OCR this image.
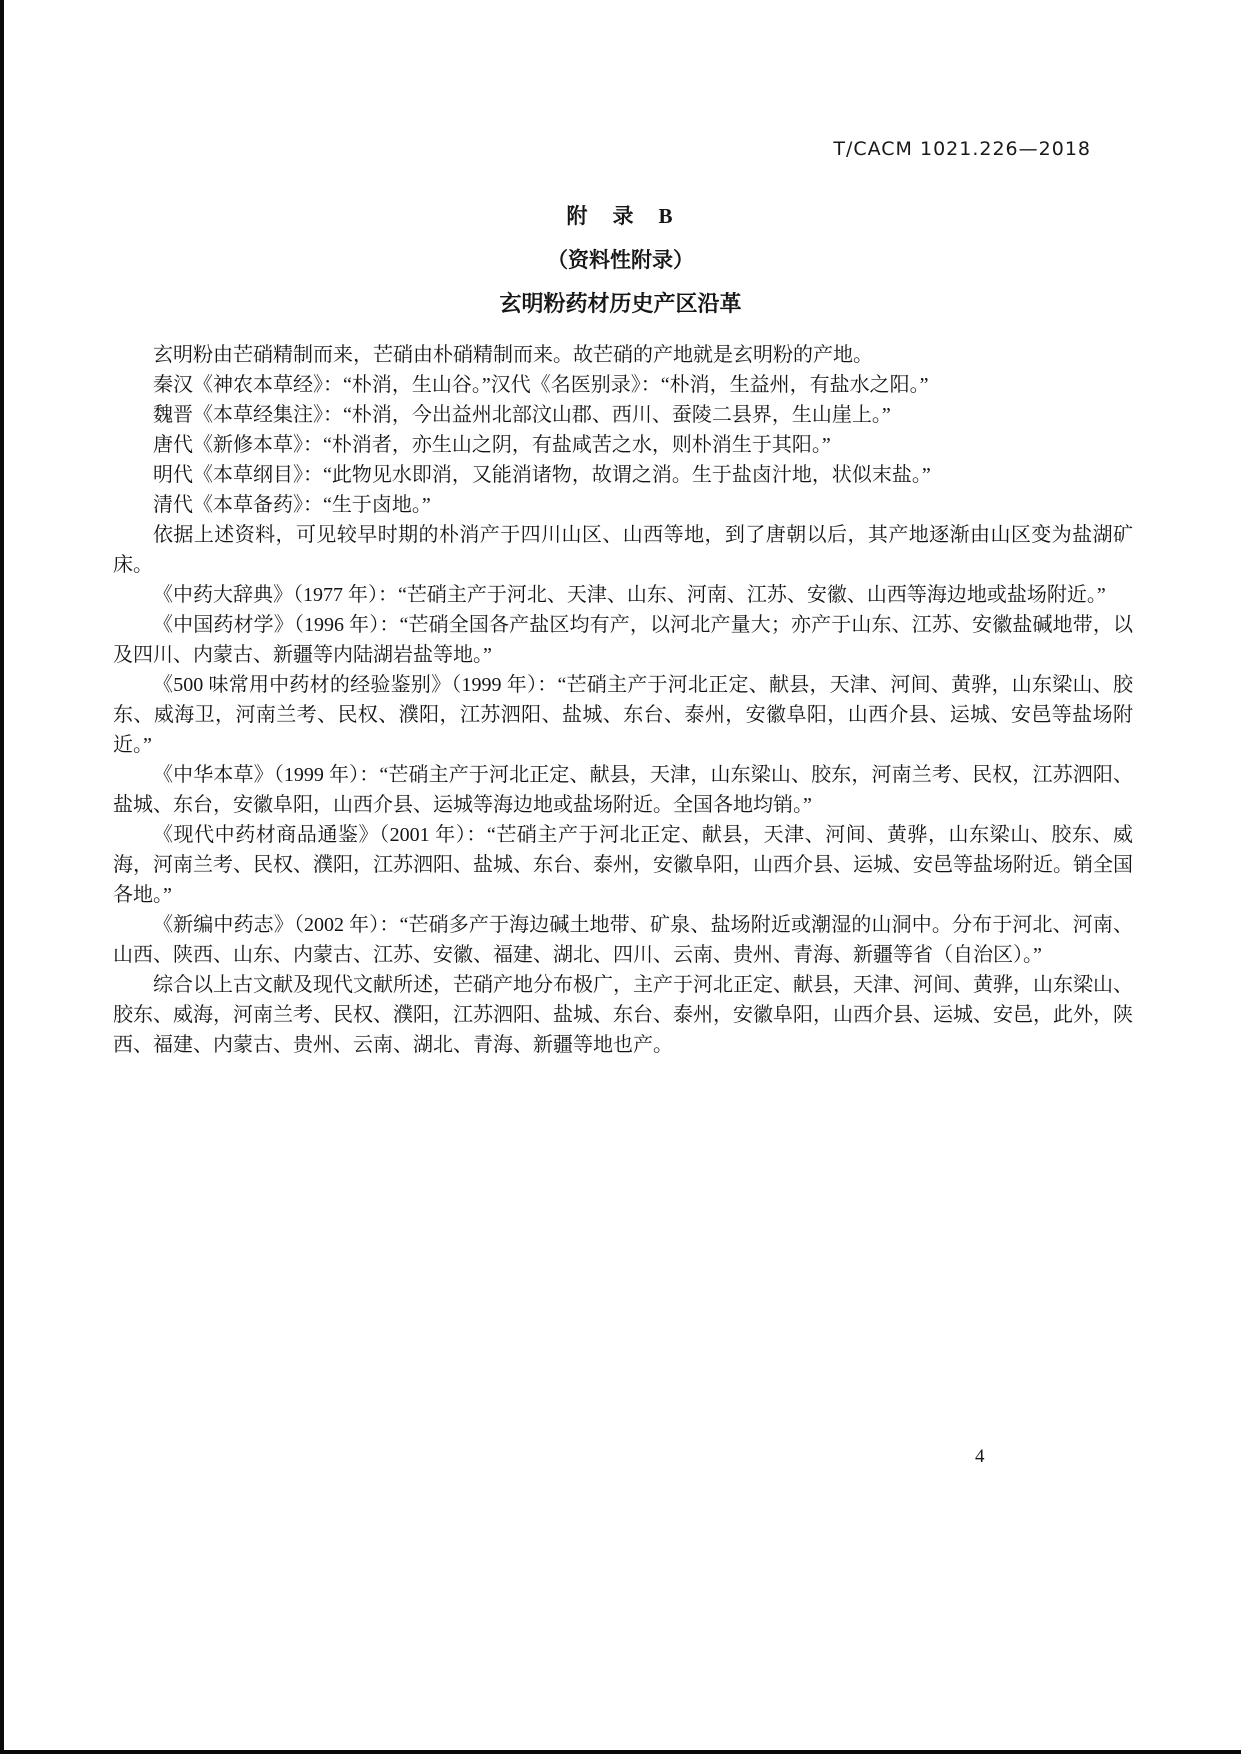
T/CACM 1021.226—2018
附　录　B
（资料性附录）
玄明粉药材历史产区沿革

玄明粉由芒硝精制而来，芒硝由朴硝精制而来。故芒硝的产地就是玄明粉的产地。

秦汉《神农本草经》：“朴消，生山谷。”汉代《名医别录》：“朴消，生益州，有盐水之阳。”

魏晋《本草经集注》：“朴消，今出益州北部汶山郡、西川、蚕陵二县界，生山崖上。”

唐代《新修本草》：“朴消者，亦生山之阴，有盐咸苦之水，则朴消生于其阳。”

明代《本草纲目》：“此物见水即消，又能消诸物，故谓之消。生于盐卤汁地，状似末盐。”

清代《本草备药》：“生于卤地。”

依据上述资料，可见较早时期的朴消产于四川山区、山西等地，到了唐朝以后，其产地逐渐由山区变为盐湖矿床。

《中药大辞典》（1977 年）：“芒硝主产于河北、天津、山东、河南、江苏、安徽、山西等海边地或盐场附近。”

《中国药材学》（1996 年）：“芒硝全国各产盐区均有产，以河北产量大；亦产于山东、江苏、安徽盐碱地带，以及四川、内蒙古、新疆等内陆湖岩盐等地。”

《500 味常用中药材的经验鉴别》（1999 年）：“芒硝主产于河北正定、献县，天津、河间、黄骅，山东梁山、胶东、威海卫，河南兰考、民权、濮阳，江苏泗阳、盐城、东台、泰州，安徽阜阳，山西介县、运城、安邑等盐场附近。”

《中华本草》（1999 年）：“芒硝主产于河北正定、献县，天津，山东梁山、胶东，河南兰考、民权，江苏泗阳、盐城、东台，安徽阜阳，山西介县、运城等海边地或盐场附近。全国各地均销。”

《现代中药材商品通鉴》（2001 年）：“芒硝主产于河北正定、献县，天津、河间、黄骅，山东梁山、胶东、威海，河南兰考、民权、濮阳，江苏泗阳、盐城、东台、泰州，安徽阜阳，山西介县、运城、安邑等盐场附近。销全国各地。”

《新编中药志》（2002 年）：“芒硝多产于海边碱土地带、矿泉、盐场附近或潮湿的山洞中。分布于河北、河南、山西、陕西、山东、内蒙古、江苏、安徽、福建、湖北、四川、云南、贵州、青海、新疆等省（自治区）。”

综合以上古文献及现代文献所述，芒硝产地分布极广，主产于河北正定、献县，天津、河间、黄骅，山东梁山、胶东、威海，河南兰考、民权、濮阳，江苏泗阳、盐城、东台、泰州，安徽阜阳，山西介县、运城、安邑，此外，陕西、福建、内蒙古、贵州、云南、湖北、青海、新疆等地也产。

4
